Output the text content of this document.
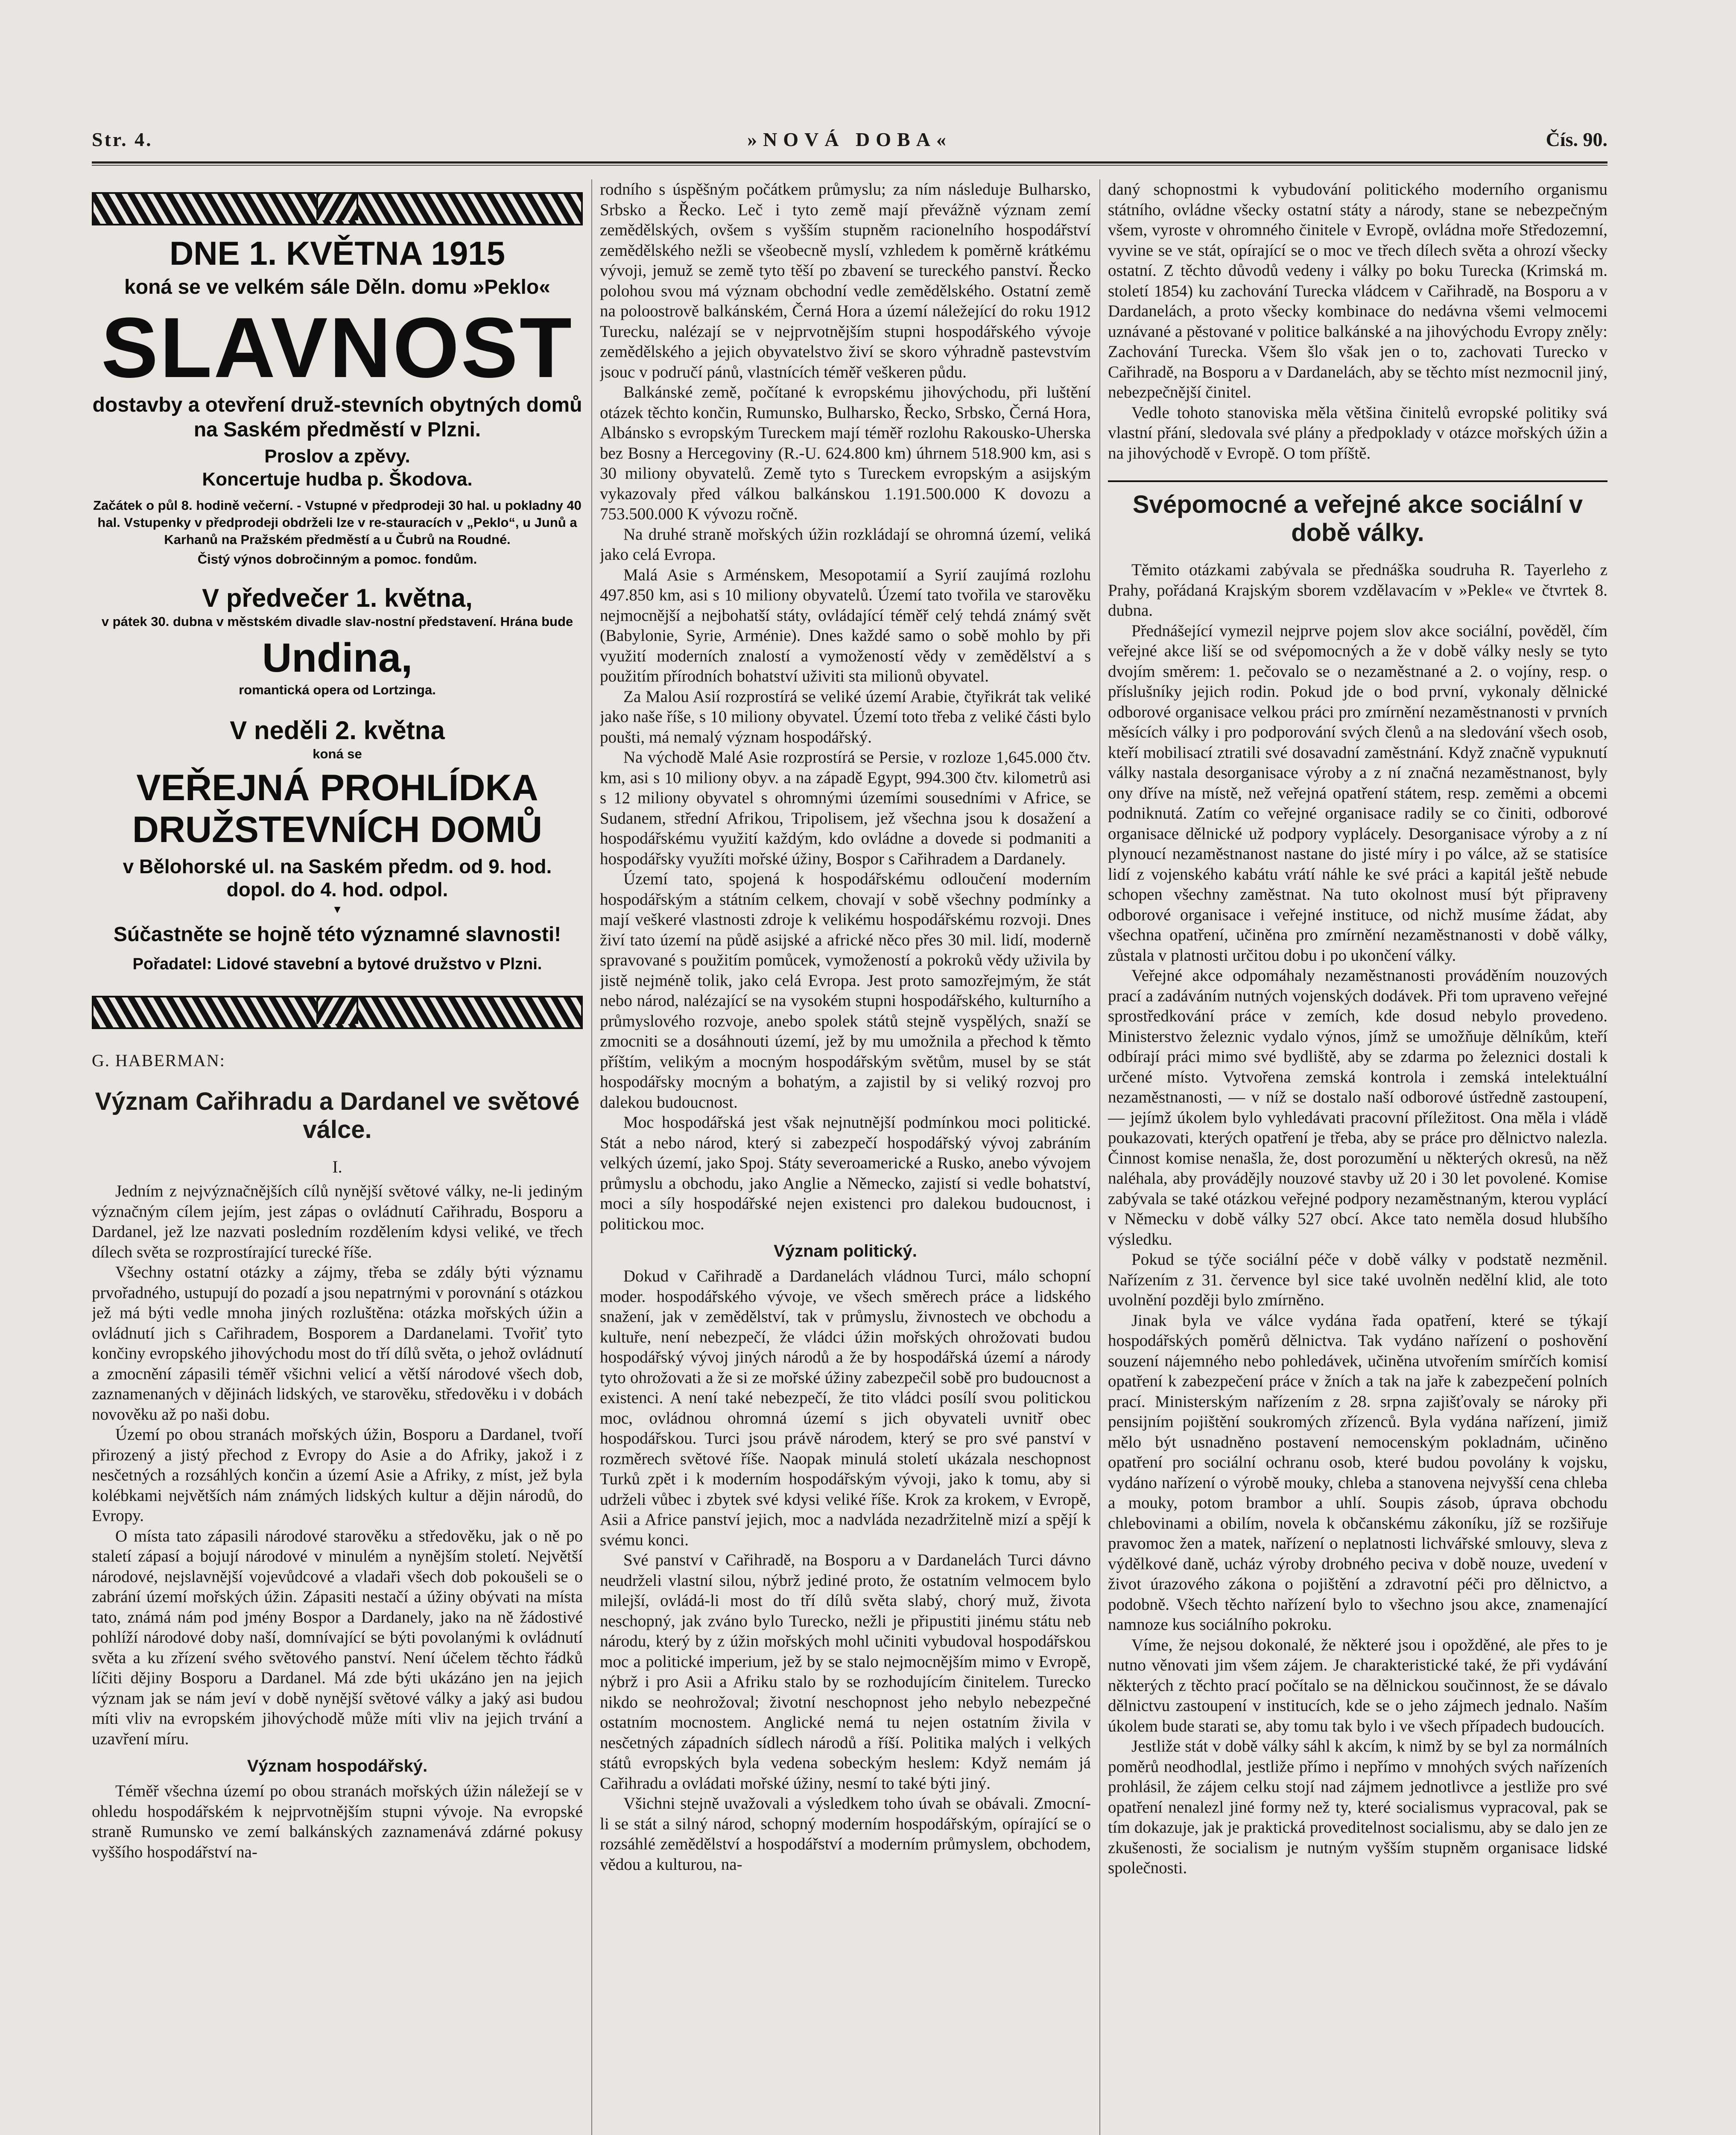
Str. 4.	»NOVÁ DOBA«	Čís. 90.

DNE 1. KVĚTNA 1915

koná se ve velkém sále Děln. domu »Peklo«

SLAVNOST

dostavby a otevření druž-stevních obytných domů na Saském předměstí v Plzni.

Proslov a zpěvy.

Koncertuje hudba p. Škodova.

Začátek o půl 8. hodině večerní. - Vstupné v předprodeji 30 hal. u pokladny 40 hal. Vstupenky v předprodeji obdrželi lze v re-stauracích v „Peklo“, u Junů a Karhanů na Pražském předměstí a u Čubrů na Roudné.

Čistý výnos dobročinným a pomoc. fondům.

V předvečer 1. května,

v pátek 30. dubna v městském divadle slav-nostní představení. Hrána bude

Undina,

romantická opera od Lortzinga.

V neděli 2. května

koná se

VEŘEJNÁ PROHLÍDKA DRUŽSTEVNÍCH DOMŮ

v Bělohorské ul. na Saském předm. od 9. hod. dopol. do 4. hod. odpol.

▾

Súčastněte se hojně této významné slavnosti!

Pořadatel: Lidové stavební a bytové družstvo v Plzni.

G. HABERMAN:

Význam Cařihradu a Dardanel ve světové válce.

I.

Jedním z nejvýznačnějších cílů nynější světové války, ne-li jediným význačným cílem jejím, jest zápas o ovládnutí Cařihradu, Bosporu a Dardanel, jež lze nazvati posledním rozdělením kdysi veliké, ve třech dílech světa se rozprostírající turecké říše.

Všechny ostatní otázky a zájmy, třeba se zdály býti významu prvořadného, ustupují do pozadí a jsou nepatrnými v porovnání s otázkou jež má býti vedle mnoha jiných rozluštěna: otázka mořských úžin a ovládnutí jich s Cařihradem, Bosporem a Dardanelami. Tvořiť tyto končiny evropského jihovýchodu most do tří dílů světa, o jehož ovládnutí a zmocnění zápasili téměř všichni velicí a větší národové všech dob, zaznamenaných v dějinách lidských, ve starověku, středověku i v dobách novověku až po naši dobu.

Území po obou stranách mořských úžin, Bosporu a Dardanel, tvoří přirozený a jistý přechod z Evropy do Asie a do Afriky, jakož i z nesčetných a rozsáhlých končin a území Asie a Afriky, z míst, jež byla kolébkami největších nám známých lidských kultur a dějin národů, do Evropy.

O místa tato zápasili národové starověku a středověku, jak o ně po staletí zápasí a bojují národové v minulém a nynějším století. Největší národové, nejslavnější vojevůdcové a vladaři všech dob pokoušeli se o zabrání území mořských úžin. Zápasiti nestačí a úžiny obývati na místa tato, známá nám pod jmény Bospor a Dardanely, jako na ně žádostivé pohlíží národové doby naší, domnívající se býti povolanými k ovládnutí světa a ku zřízení svého světového panství. Není účelem těchto řádků líčiti dějiny Bosporu a Dardanel. Má zde býti ukázáno jen na jejich význam jak se nám jeví v době nynější světové války a jaký asi budou míti vliv na evropském jihovýchodě může míti vliv na jejich trvání a uzavření míru.

Význam hospodářský.

Téměř všechna území po obou stranách mořských úžin náležejí se v ohledu hospodářském k nejprvotnějším stupni vývoje. Na evropské straně Rumunsko ve zemí balkánských zaznamenává zdárné pokusy vyššího hospodářství na-

rodního s úspěšným počátkem průmyslu; za ním následuje Bulharsko, Srbsko a Řecko. Leč i tyto země mají převážně význam zemí zemědělských, ovšem s vyšším stupněm racionelního hospodářství zemědělského nežli se všeobecně myslí, vzhledem k poměrně krátkému vývoji, jemuž se země tyto těší po zbavení se tureckého panství. Řecko polohou svou má význam obchodní vedle zemědělského. Ostatní země na poloostrově balkánském, Černá Hora a území náležející do roku 1912 Turecku, nalézají se v nejprvotnějším stupni hospodářského vývoje zemědělského a jejich obyvatelstvo živí se skoro výhradně pastevstvím jsouc v područí pánů, vlastnících téměř veškeren půdu.

Balkánské země, počítané k evropskému jihovýchodu, při luštění otázek těchto končin, Rumunsko, Bulharsko, Řecko, Srbsko, Černá Hora, Albánsko s evropským Tureckem mají téměř rozlohu Rakousko-Uherska bez Bosny a Hercegoviny (R.-U. 624.800 km) úhrnem 518.900 km, asi s 30 miliony obyvatelů. Země tyto s Tureckem evropským a asijským vykazovaly před válkou balkánskou 1.191.500.000 K dovozu a 753.500.000 K vývozu ročně.

Na druhé straně mořských úžin rozkládají se ohromná území, veliká jako celá Evropa.

Malá Asie s Arménskem, Mesopotamií a Syrií zaujímá rozlohu 497.850 km, asi s 10 miliony obyvatelů. Území tato tvořila ve starověku nejmocnější a nejbohatší státy, ovládající téměř celý tehdá známý svět (Babylonie, Syrie, Arménie). Dnes každé samo o sobě mohlo by při využití moderních znalostí a vymožeností vědy v zemědělství a s použitím přírodních bohatství uživiti sta milionů obyvatel.

Za Malou Asií rozprostírá se veliké území Arabie, čtyřikrát tak veliké jako naše říše, s 10 miliony obyvatel. Území toto třeba z veliké části bylo poušti, má nemalý význam hospodářský.

Na východě Malé Asie rozprostírá se Persie, v rozloze 1,645.000 čtv. km, asi s 10 miliony obyv. a na západě Egypt, 994.300 čtv. kilometrů asi s 12 miliony obyvatel s ohromnými územími sousedními v Africe, se Sudanem, střední Afrikou, Tripolisem, jež všechna jsou k dosažení a hospodářskému využití každým, kdo ovládne a dovede si podmaniti a hospodářsky využíti mořské úžiny, Bospor s Cařihradem a Dardanely.

Území tato, spojená k hospodářskému odloučení moderním hospodářským a státním celkem, chovají v sobě všechny podmínky a mají veškeré vlastnosti zdroje k velikému hospodářskému rozvoji. Dnes živí tato území na půdě asijské a africké něco přes 30 mil. lidí, moderně spravované s použitím pomůcek, vymožeností a pokroků vědy uživila by jistě nejméně tolik, jako celá Evropa. Jest proto samozřejmým, že stát nebo národ, nalézající se na vysokém stupni hospodářského, kulturního a průmyslového rozvoje, anebo spolek států stejně vyspělých, snaží se zmocniti se a dosáhnouti území, jež by mu umožnila a přechod k těmto příštím, velikým a mocným hospodářským světům, musel by se stát hospodářsky mocným a bohatým, a zajistil by si veliký rozvoj pro dalekou budoucnost.

Moc hospodářská jest však nejnutnější podmínkou moci politické. Stát a nebo národ, který si zabezpečí hospodářský vývoj zabráním velkých území, jako Spoj. Státy severoamerické a Rusko, anebo vývojem průmyslu a obchodu, jako Anglie a Německo, zajistí si vedle bohatství, moci a síly hospodářské nejen existenci pro dalekou budoucnost, i politickou moc.

Význam politický.

Dokud v Cařihradě a Dardanelách vládnou Turci, málo schopní moder. hospodářského vývoje, ve všech směrech práce a lidského snažení, jak v zemědělství, tak v průmyslu, živnostech ve obchodu a kultuře, není nebezpečí, že vládci úžin mořských ohrožovati budou hospodářský vývoj jiných národů a že by hospodářská území a národy tyto ohrožovati a že si ze mořské úžiny zabezpečil sobě pro budoucnost a existenci. A není také nebezpečí, že tito vládci posílí svou politickou moc, ovládnou ohromná území s jich obyvateli uvnitř obec hospodářskou. Turci jsou právě národem, který se pro své panství v rozměrech světové říše. Naopak minulá století ukázala neschopnost Turků zpět i k moderním hospodářským vývoji, jako k tomu, aby si udrželi vůbec i zbytek své kdysi veliké říše. Krok za krokem, v Evropě, Asii a Africe panství jejich, moc a nadvláda nezadržitelně mizí a spějí k svému konci.

Své panství v Cařihradě, na Bosporu a v Dardanelách Turci dávno neudrželi vlastní silou, nýbrž jediné proto, že ostatním velmocem bylo milejší, ovládá-li most do tří dílů světa slabý, chorý muž, života neschopný, jak zváno bylo Turecko, nežli je připustiti jinému státu neb národu, který by z úžin mořských mohl učiniti vybudoval hospodářskou moc a politické imperium, jež by se stalo nejmocnějším mimo v Evropě, nýbrž i pro Asii a Afriku stalo by se rozhodujícím činitelem. Turecko nikdo se neohrožoval; životní neschopnost jeho nebylo nebezpečné ostatním mocnostem. Anglické nemá tu nejen ostatním živila v nesčetných západních sídlech národů a říší. Politika malých i velkých států evropských byla vedena sobeckým heslem: Když nemám já Cařihradu a ovládati mořské úžiny, nesmí to také býti jiný.

Všichni stejně uvažovali a výsledkem toho úvah se obávali. Zmocní-li se stát a silný národ, schopný moderním hospodářským, opírající se o rozsáhlé zemědělství a hospodářství a moderním průmyslem, obchodem, vědou a kulturou, na-

daný schopnostmi k vybudování politického moderního organismu státního, ovládne všecky ostatní státy a národy, stane se nebezpečným všem, vyroste v ohromného činitele v Evropě, ovládna moře Středozemní, vyvine se ve stát, opírající se o moc ve třech dílech světa a ohrozí všecky ostatní. Z těchto důvodů vedeny i války po boku Turecka (Krimská m. století 1854) ku zachování Turecka vládcem v Cařihradě, na Bosporu a v Dardanelách, a proto všecky kombinace do nedávna všemi velmocemi uznávané a pěstované v politice balkánské a na jihovýchodu Evropy zněly: Zachování Turecka. Všem šlo však jen o to, zachovati Turecko v Cařihradě, na Bosporu a v Dardanelách, aby se těchto míst nezmocnil jiný, nebezpečnější činitel.

Vedle tohoto stanoviska měla většina činitelů evropské politiky svá vlastní přání, sledovala své plány a předpoklady v otázce mořských úžin a na jihovýchodě v Evropě. O tom příště.

Svépomocné a veřejné akce sociální v době války.

Těmito otázkami zabývala se přednáška soudruha R. Tayerleho z Prahy, pořádaná Krajským sborem vzdělavacím v »Pekle« ve čtvrtek 8. dubna.

Přednášející vymezil nejprve pojem slov akce sociální, pověděl, čím veřejné akce liší se od svépomocných a že v době války nesly se tyto dvojím směrem: 1. pečovalo se o nezaměstnané a 2. o vojíny, resp. o příslušníky jejich rodin. Pokud jde o bod první, vykonaly dělnické odborové organisace velkou práci pro zmírnění nezaměstnanosti v prvních měsících války i pro podporování svých členů a na sledování všech osob, kteří mobilisací ztratili své dosavadní zaměstnání. Když značně vypuknutí války nastala desorganisace výroby a z ní značná nezaměstnanost, byly ony dříve na místě, než veřejná opatření státem, resp. zeměmi a obcemi podniknutá. Zatím co veřejné organisace radily se co činiti, odborové organisace dělnické už podpory vyplácely. Desorganisace výroby a z ní plynoucí nezaměstnanost nastane do jisté míry i po válce, až se statisíce lidí z vojenského kabátu vrátí náhle ke své práci a kapitál ještě nebude schopen všechny zaměstnat. Na tuto okolnost musí být připraveny odborové organisace i veřejné instituce, od nichž musíme žádat, aby všechna opatření, učiněna pro zmírnění nezaměstnanosti v době války, zůstala v platnosti určitou dobu i po ukončení války.

Veřejné akce odpomáhaly nezaměstnanosti prováděním nouzových prací a zadáváním nutných vojenských dodávek. Při tom upraveno veřejné sprostředkování práce v zemích, kde dosud nebylo provedeno. Ministerstvo železnic vydalo výnos, jímž se umožňuje dělníkům, kteří odbírají práci mimo své bydliště, aby se zdarma po železnici dostali k určené místo. Vytvořena zemská kontrola i zemská intelektuální nezaměstnanosti, — v níž se dostalo naší odborové ústředně zastoupení, — jejímž úkolem bylo vyhledávati pracovní příležitost. Ona měla i vládě poukazovati, kterých opatření je třeba, aby se práce pro dělnictvo nalezla. Činnost komise nenašla, že, dost porozumění u některých okresů, na něž naléhala, aby provádějly nouzové stavby už 20 i 30 let povolené. Komise zabývala se také otázkou veřejné podpory nezaměstnaným, kterou vyplácí v Německu v době války 527 obcí. Akce tato neměla dosud hlubšího výsledku.

Pokud se týče sociální péče v době války v podstatě nezměnil. Nařízením z 31. července byl sice také uvolněn nedělní klid, ale toto uvolnění později bylo zmírněno.

Jinak byla ve válce vydána řada opatření, které se týkají hospodářských poměrů dělnictva. Tak vydáno nařízení o poshovění souzení nájemného nebo pohledávek, učiněna utvořením smírčích komisí opatření k zabezpečení práce v žních a tak na jaře k zabezpečení polních prací. Ministerským nařízením z 28. srpna zajišťovaly se nároky při pensijním pojištění soukromých zřízenců. Byla vydána nařízení, jimiž mělo být usnadněno postavení nemocenským pokladnám, učiněno opatření pro sociální ochranu osob, které budou povolány k vojsku, vydáno nařízení o výrobě mouky, chleba a stanovena nejvyšší cena chleba a mouky, potom brambor a uhlí. Soupis zásob, úprava obchodu chlebovinami a obilím, novela k občanskému zákoníku, jíž se rozšiřuje pravomoc žen a matek, nařízení o neplatnosti lichvářské smlouvy, sleva z výdělkové daně, ucház výroby drobného peciva v době nouze, uvedení v život úrazového zákona o pojištění a zdravotní péči pro dělnictvo, a podobně. Všech těchto nařízení bylo to všechno jsou akce, znamenající namnoze kus sociálního pokroku.

Víme, že nejsou dokonalé, že některé jsou i opožděné, ale přes to je nutno věnovati jim všem zájem. Je charakteristické také, že při vydávání některých z těchto prací počítalo se na dělnickou součinnost, že se dávalo dělnictvu zastoupení v institucích, kde se o jeho zájmech jednalo. Naším úkolem bude starati se, aby tomu tak bylo i ve všech případech budoucích.

Jestliže stát v době války sáhl k akcím, k nimž by se byl za normálních poměrů neodhodlal, jestliže přímo i nepřímo v mnohých svých nařízeních prohlásil, že zájem celku stojí nad zájmem jednotlivce a jestliže pro své opatření nenalezl jiné formy než ty, které socialismus vypracoval, pak se tím dokazuje, jak je praktická proveditelnost socialismu, aby se dalo jen ze zkušenosti, že socialism je nutným vyšším stupněm organisace lidské společnosti.
